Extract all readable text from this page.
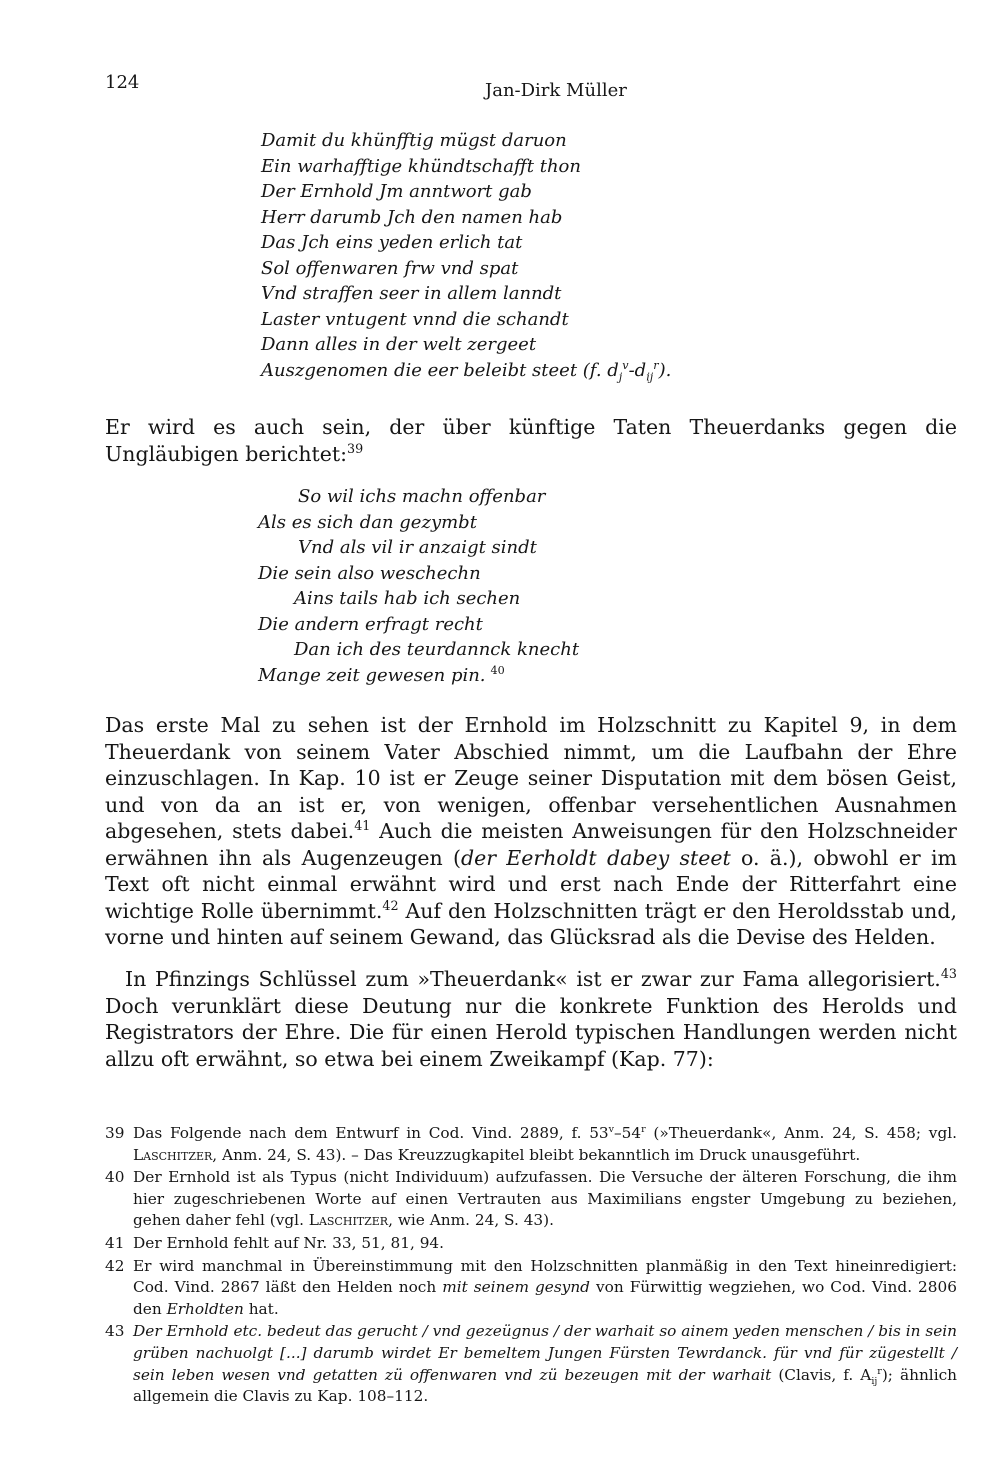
124	Jan-Dirk Müller
Damit du khünfftig mügst daruon
Ein warhafftige khündtschafft thon
Der Ernhold Jm anntwort gab
Herr darumb Jch den namen hab
Das Jch eins yeden erlich tat
Sol offenwaren frw vnd spat
Vnd straffen seer in allem lanndt
Laster vntugent vnnd die schandt
Dann alles in der welt zergeet
Auszgenomen die eer beleibt steet (f. $d_j^v-d_{ij}^r$).

Er wird es auch sein, der über künftige Taten Theuerdanks gegen die Ungläubigen berichtet:$^{39}$

So wil ichs machn offenbar
Als es sich dan gezymbt
Vnd als vil ir anzaigt sindt
Die sein also weschechn
Ains tails hab ich sechen
Die andern erfragt recht
Dan ich des teurdannck knecht
Mange zeit gewesen pin. $^{40}$

Das erste Mal zu sehen ist der Ernhold im Holzschnitt zu Kapitel 9, in dem Theuerdank von seinem Vater Abschied nimmt, um die Laufbahn der Ehre einzuschlagen. In Kap. 10 ist er Zeuge seiner Disputation mit dem bösen Geist, und von da an ist er, von wenigen, offenbar versehentlichen Ausnahmen abgesehen, stets dabei.$^{41}$ Auch die meisten Anweisungen für den Holzschneider erwähnen ihn als Augenzeugen (der Eerholdt dabey steet o. ä.), obwohl er im Text oft nicht einmal erwähnt wird und erst nach Ende der Ritterfahrt eine wichtige Rolle übernimmt.$^{42}$ Auf den Holzschnitten trägt er den Heroldsstab und, vorne und hinten auf seinem Gewand, das Glücksrad als die Devise des Helden.

In Pfinzings Schlüssel zum »Theuerdank« ist er zwar zur Fama allegorisiert.$^{43}$ Doch verunklärt diese Deutung nur die konkrete Funktion des Herolds und Registrators der Ehre. Die für einen Herold typischen Handlungen werden nicht allzu oft erwähnt, so etwa bei einem Zweikampf (Kap. 77):

39 Das Folgende nach dem Entwurf in Cod. Vind. 2889, f. 53$^v$–54$^r$ (»Theuerdank«, Anm. 24, S. 458; vgl. Laschitzer, Anm. 24, S. 43). – Das Kreuzzugkapitel bleibt bekanntlich im Druck unausgeführt.
40 Der Ernhold ist als Typus (nicht Individuum) aufzufassen. Die Versuche der älteren Forschung, die ihm hier zugeschriebenen Worte auf einen Vertrauten aus Maximilians engster Umgebung zu beziehen, gehen daher fehl (vgl. Laschitzer, wie Anm. 24, S. 43).
41 Der Ernhold fehlt auf Nr. 33, 51, 81, 94.
42 Er wird manchmal in Übereinstimmung mit den Holzschnitten planmäßig in den Text hineinredigiert: Cod. Vind. 2867 läßt den Helden noch mit seinem gesynd von Fürwittig wegziehen, wo Cod. Vind. 2806 den Erholdten hat.
43 Der Ernhold etc. bedeut das gerucht / vnd gezeügnus / der warhait so ainem yeden menschen / bis in sein grüben nachuolgt [...] darumb wirdet Er bemeltem Jungen Fürsten Tewrdanck. für vnd für zügestellt / sein leben wesen vnd getatten zü offenwaren vnd zü bezeugen mit der warhait (Clavis, f. $A_{ij}^r$); ähnlich allgemein die Clavis zu Kap. 108–112.
